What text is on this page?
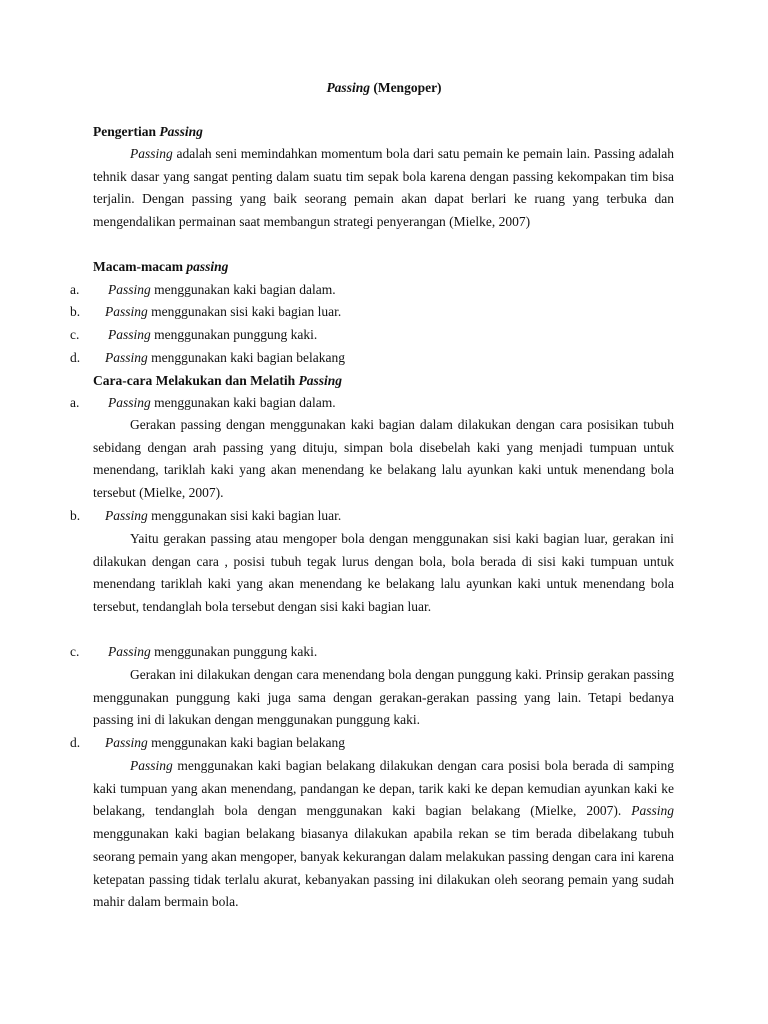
Passing (Mengoper)
Pengertian Passing
Passing adalah seni memindahkan momentum bola dari satu pemain ke pemain lain. Passing adalah tehnik dasar yang sangat penting dalam suatu tim sepak bola karena dengan passing kekompakan tim bisa terjalin. Dengan passing yang baik seorang pemain akan dapat berlari ke ruang yang terbuka dan mengendalikan permainan saat membangun strategi penyerangan (Mielke, 2007)
Macam-macam passing
a. Passing menggunakan kaki bagian dalam.
b. Passing menggunakan sisi kaki bagian luar.
c. Passing menggunakan punggung kaki.
d. Passing menggunakan kaki bagian belakang
Cara-cara Melakukan dan Melatih Passing
a. Passing menggunakan kaki bagian dalam.
Gerakan passing dengan menggunakan kaki bagian dalam dilakukan dengan cara posisikan tubuh sebidang dengan arah passing yang dituju, simpan bola disebelah kaki yang menjadi tumpuan untuk menendang, tariklah kaki yang akan menendang ke belakang lalu ayunkan kaki untuk menendang bola tersebut (Mielke, 2007).
b. Passing menggunakan sisi kaki bagian luar.
Yaitu gerakan passing atau mengoper bola dengan menggunakan sisi kaki bagian luar, gerakan ini dilakukan dengan cara , posisi tubuh tegak lurus dengan bola, bola berada di sisi kaki tumpuan untuk menendang tariklah kaki yang akan menendang ke belakang lalu ayunkan kaki untuk menendang bola tersebut, tendanglah bola tersebut dengan sisi kaki bagian luar.
c. Passing menggunakan punggung kaki.
Gerakan ini dilakukan dengan cara menendang bola dengan punggung kaki. Prinsip gerakan passing menggunakan punggung kaki juga sama dengan gerakan-gerakan passing yang lain. Tetapi bedanya passing ini di lakukan dengan menggunakan punggung kaki.
d. Passing menggunakan kaki bagian belakang
Passing menggunakan kaki bagian belakang dilakukan dengan cara posisi bola berada di samping kaki tumpuan yang akan menendang, pandangan ke depan, tarik kaki ke depan kemudian ayunkan kaki ke belakang, tendanglah bola dengan menggunakan kaki bagian belakang (Mielke, 2007). Passing menggunakan kaki bagian belakang biasanya dilakukan apabila rekan se tim berada dibelakang tubuh seorang pemain yang akan mengoper, banyak kekurangan dalam melakukan passing dengan cara ini karena ketepatan passing tidak terlalu akurat, kebanyakan passing ini dilakukan oleh seorang pemain yang sudah mahir dalam bermain bola.
